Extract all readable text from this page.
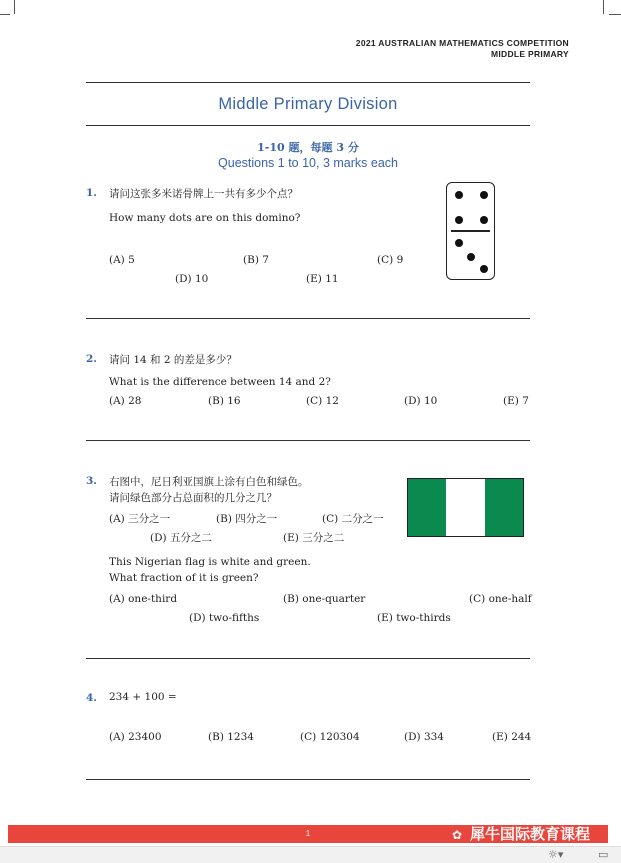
2021 AUSTRALIAN MATHEMATICS COMPETITION
MIDDLE PRIMARY
Middle Primary Division
1-10 题，每题 3 分
Questions 1 to 10, 3 marks each
1. 请问这张多米诺骨牌上一共有多少个点？
How many dots are on this domino?
(A) 5	(B) 7	(C) 9
(D) 10	(E) 11
2. 请问 14 和 2 的差是多少？
What is the difference between 14 and 2?
(A) 28	(B) 16	(C) 12	(D) 10	(E) 7
3. 右图中，尼日利亚国旗上涂有白色和绿色。
请问绿色部分占总面积的几分之几？
(A) 三分之一	(B) 四分之一	(C) 二分之一
(D) 五分之二	(E) 三分之二
This Nigerian flag is white and green.
What fraction of it is green?
(A) one-third	(B) one-quarter	(C) one-half
(D) two-fifths	(E) two-thirds
4. 234 + 100 =
(A) 23400	(B) 1234	(C) 120304	(D) 334	(E) 244
1	✿ 犀牛国际教育课程
☼▾	▭
